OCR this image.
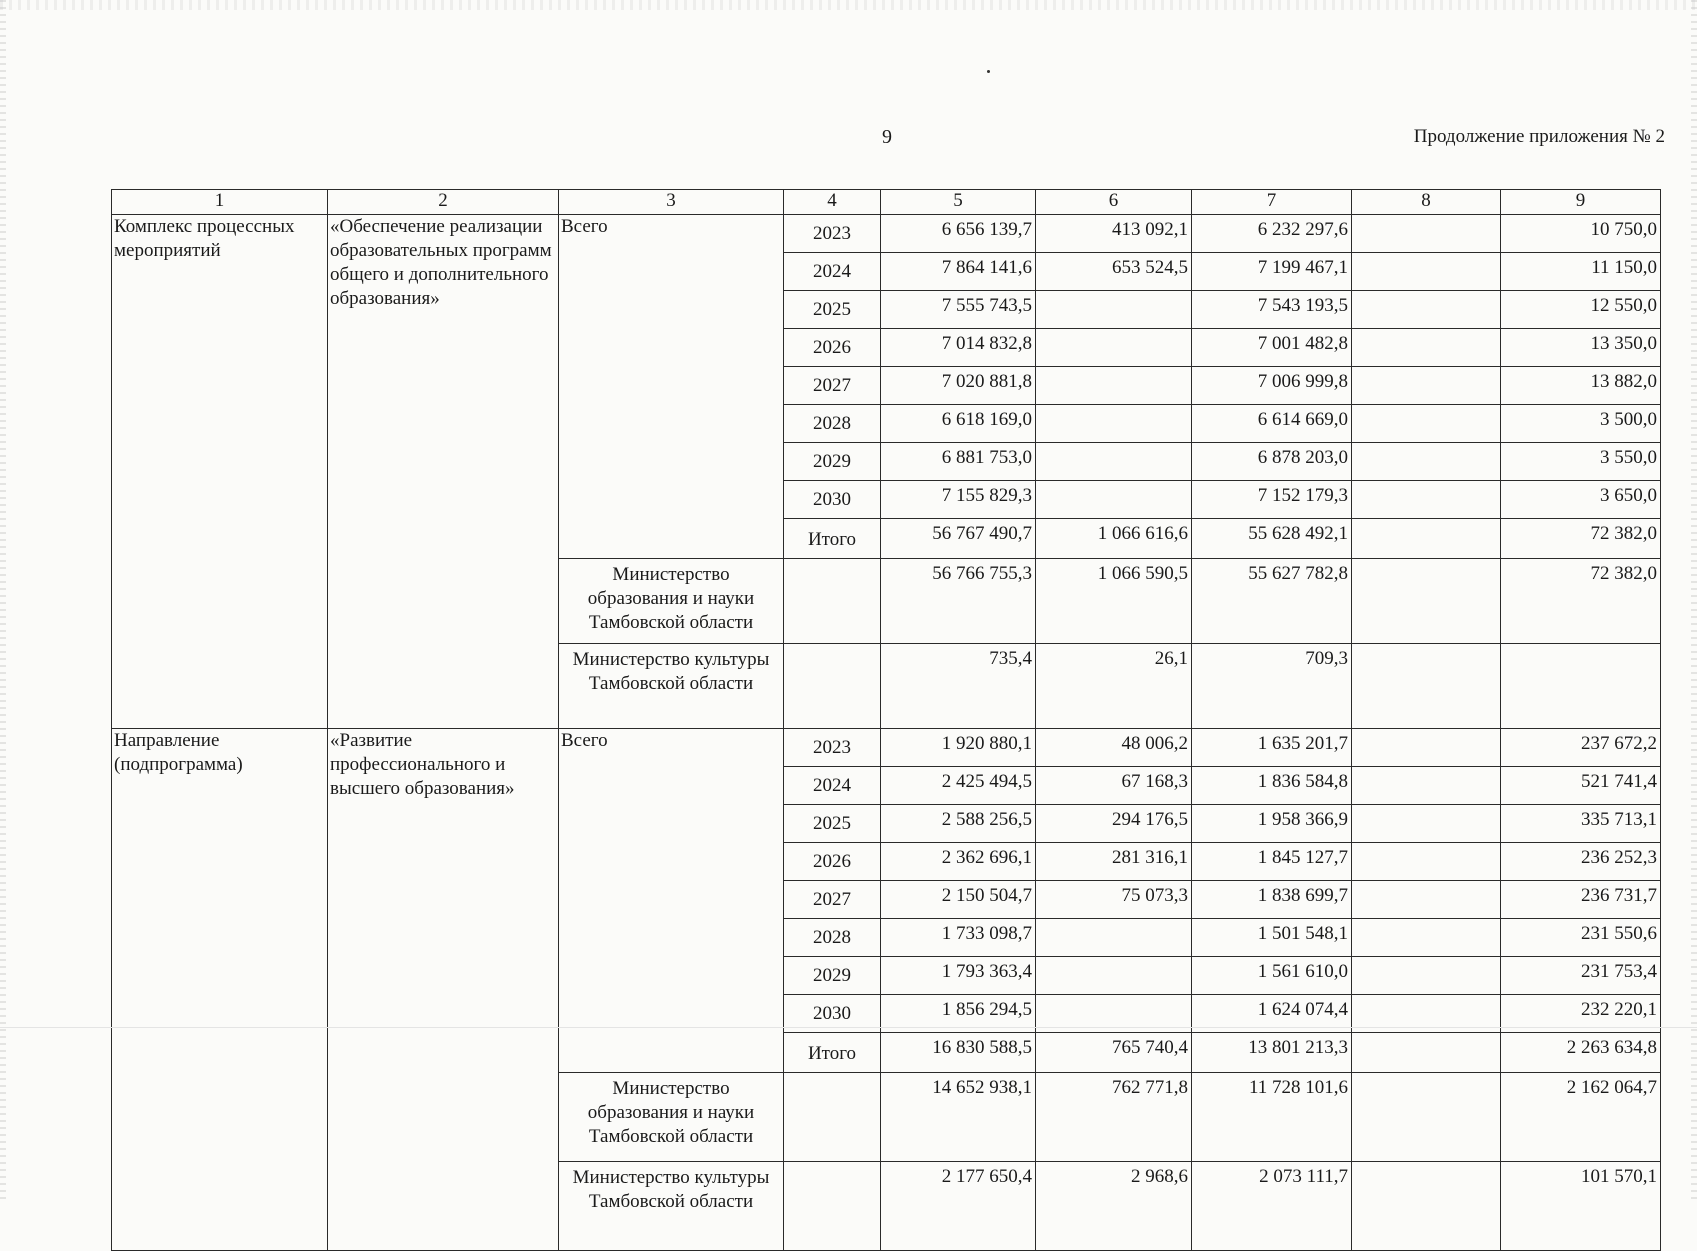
9	Продолжение приложения № 2
1	2	3	4	5	6	7	8	9
Комплекс процессных мероприятий	«Обеспечение реализации образовательных программ общего и дополнительного образования»	Всего	2023	6 656 139,7	413 092,1	6 232 297,6		10 750,0
			2024	7 864 141,6	653 524,5	7 199 467,1		11 150,0
			2025	7 555 743,5		7 543 193,5		12 550,0
			2026	7 014 832,8		7 001 482,8		13 350,0
			2027	7 020 881,8		7 006 999,8		13 882,0
			2028	6 618 169,0		6 614 669,0		3 500,0
			2029	6 881 753,0		6 878 203,0		3 550,0
			2030	7 155 829,3		7 152 179,3		3 650,0
			Итого	56 767 490,7	1 066 616,6	55 628 492,1		72 382,0
		Министерство образования и науки Тамбовской области		56 766 755,3	1 066 590,5	55 627 782,8		72 382,0
		Министерство культуры Тамбовской области		735,4	26,1	709,3		
Направление (подпрограмма)	«Развитие профессионального и высшего образования»	Всего	2023	1 920 880,1	48 006,2	1 635 201,7		237 672,2
			2024	2 425 494,5	67 168,3	1 836 584,8		521 741,4
			2025	2 588 256,5	294 176,5	1 958 366,9		335 713,1
			2026	2 362 696,1	281 316,1	1 845 127,7		236 252,3
			2027	2 150 504,7	75 073,3	1 838 699,7		236 731,7
			2028	1 733 098,7		1 501 548,1		231 550,6
			2029	1 793 363,4		1 561 610,0		231 753,4
			2030	1 856 294,5		1 624 074,4		232 220,1
			Итого	16 830 588,5	765 740,4	13 801 213,3		2 263 634,8
		Министерство образования и науки Тамбовской области		14 652 938,1	762 771,8	11 728 101,6		2 162 064,7
		Министерство культуры Тамбовской области		2 177 650,4	2 968,6	2 073 111,7		101 570,1
